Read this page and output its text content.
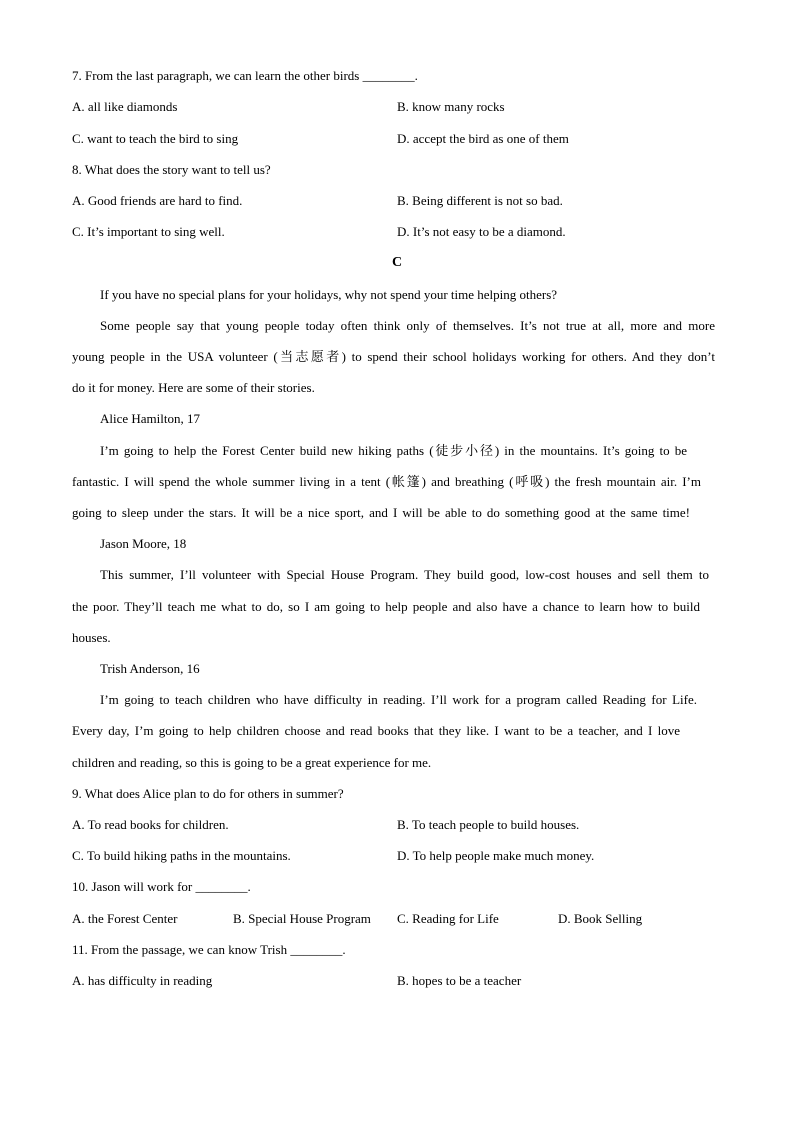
7. From the last paragraph, we can learn the other birds ________.
A. all like diamonds	B. know many rocks
C. want to teach the bird to sing	D. accept the bird as one of them
8. What does the story want to tell us?
A. Good friends are hard to find.	B. Being different is not so bad.
C. It’s important to sing well.	D. It’s not easy to be a diamond.
C
If you have no special plans for your holidays, why not spend your time helping others?
Some people say that young people today often think only of themselves. It’s not true at all, more and more
young people in the USA volunteer (当志愿者) to spend their school holidays working for others. And they don’t
do it for money. Here are some of their stories.
Alice Hamilton, 17
I’m going to help the Forest Center build new hiking paths (徒步小径) in the mountains. It’s going to be
fantastic. I will spend the whole summer living in a tent (帐篷) and breathing (呼吸) the fresh mountain air. I’m
going to sleep under the stars. It will be a nice sport, and I will be able to do something good at the same time!
Jason Moore, 18
This summer, I’ll volunteer with Special House Program. They build good, low-cost houses and sell them to
the poor. They’ll teach me what to do, so I am going to help people and also have a chance to learn how to build
houses.
Trish Anderson, 16
I’m going to teach children who have difficulty in reading. I’ll work for a program called Reading for Life.
Every day, I’m going to help children choose and read books that they like. I want to be a teacher, and I love
children and reading, so this is going to be a great experience for me.
9. What does Alice plan to do for others in summer?
A. To read books for children.	B. To teach people to build houses.
C. To build hiking paths in the mountains.	D. To help people make much money.
10. Jason will work for ________.
A. the Forest Center	B. Special House Program C. Reading for Life	D. Book Selling
11. From the passage, we can know Trish ________.
A. has difficulty in reading	B. hopes to be a teacher
